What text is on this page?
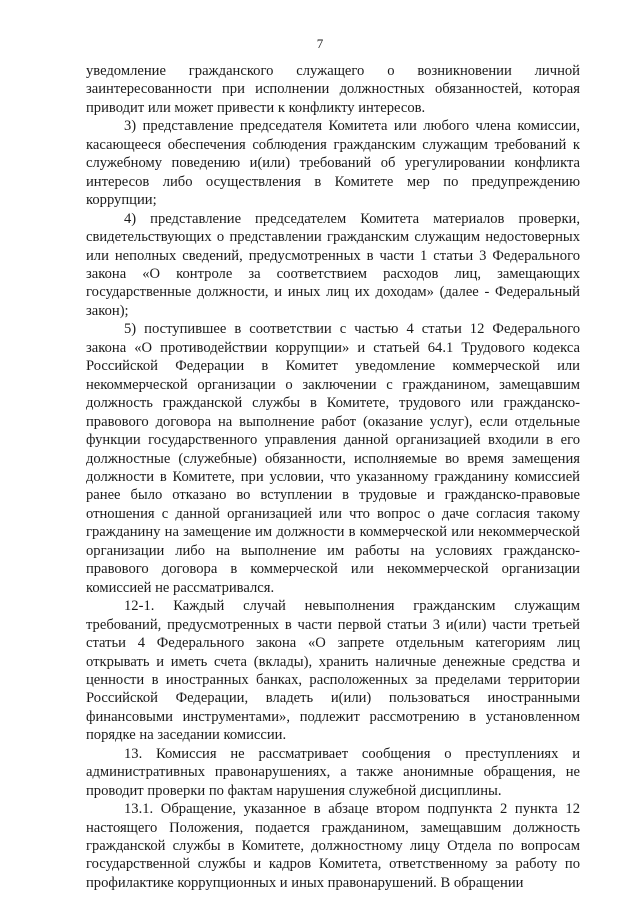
7

уведомление гражданского служащего о возникновении личной заинтересованности при исполнении должностных обязанностей, которая приводит или может привести к конфликту интересов.

3) представление председателя Комитета или любого члена комиссии, касающееся обеспечения соблюдения гражданским служащим требований к служебному поведению и(или) требований об урегулировании конфликта интересов либо осуществления в Комитете мер по предупреждению коррупции;

4) представление председателем Комитета материалов проверки, свидетельствующих о представлении гражданским служащим недостоверных или неполных сведений, предусмотренных в части 1 статьи 3 Федерального закона «О контроле за соответствием расходов лиц, замещающих государственные должности, и иных лиц их доходам» (далее - Федеральный закон);

5) поступившее в соответствии с частью 4 статьи 12 Федерального закона «О противодействии коррупции» и статьей 64.1 Трудового кодекса Российской Федерации в Комитет уведомление коммерческой или некоммерческой организации о заключении с гражданином, замещавшим должность гражданской службы в Комитете, трудового или гражданско-правового договора на выполнение работ (оказание услуг), если отдельные функции государственного управления данной организацией входили в его должностные (служебные) обязанности, исполняемые во время замещения должности в Комитете, при условии, что указанному гражданину комиссией ранее было отказано во вступлении в трудовые и гражданско-правовые отношения с данной организацией или что вопрос о даче согласия такому гражданину на замещение им должности в коммерческой или некоммерческой организации либо на выполнение им работы на условиях гражданско-правового договора в коммерческой или некоммерческой организации комиссией не рассматривался.

12-1. Каждый случай невыполнения гражданским служащим требований, предусмотренных в части первой статьи 3 и(или) части третьей статьи 4 Федерального закона «О запрете отдельным категориям лиц открывать и иметь счета (вклады), хранить наличные денежные средства и ценности в иностранных банках, расположенных за пределами территории Российской Федерации, владеть и(или) пользоваться иностранными финансовыми инструментами», подлежит рассмотрению в установленном порядке на заседании комиссии.

13. Комиссия не рассматривает сообщения о преступлениях и административных правонарушениях, а также анонимные обращения, не проводит проверки по фактам нарушения служебной дисциплины.

13.1. Обращение, указанное в абзаце втором подпункта 2 пункта 12 настоящего Положения, подается гражданином, замещавшим должность гражданской службы в Комитете, должностному лицу Отдела по вопросам государственной службы и кадров Комитета, ответственному за работу по профилактике коррупционных и иных правонарушений. В обращении
